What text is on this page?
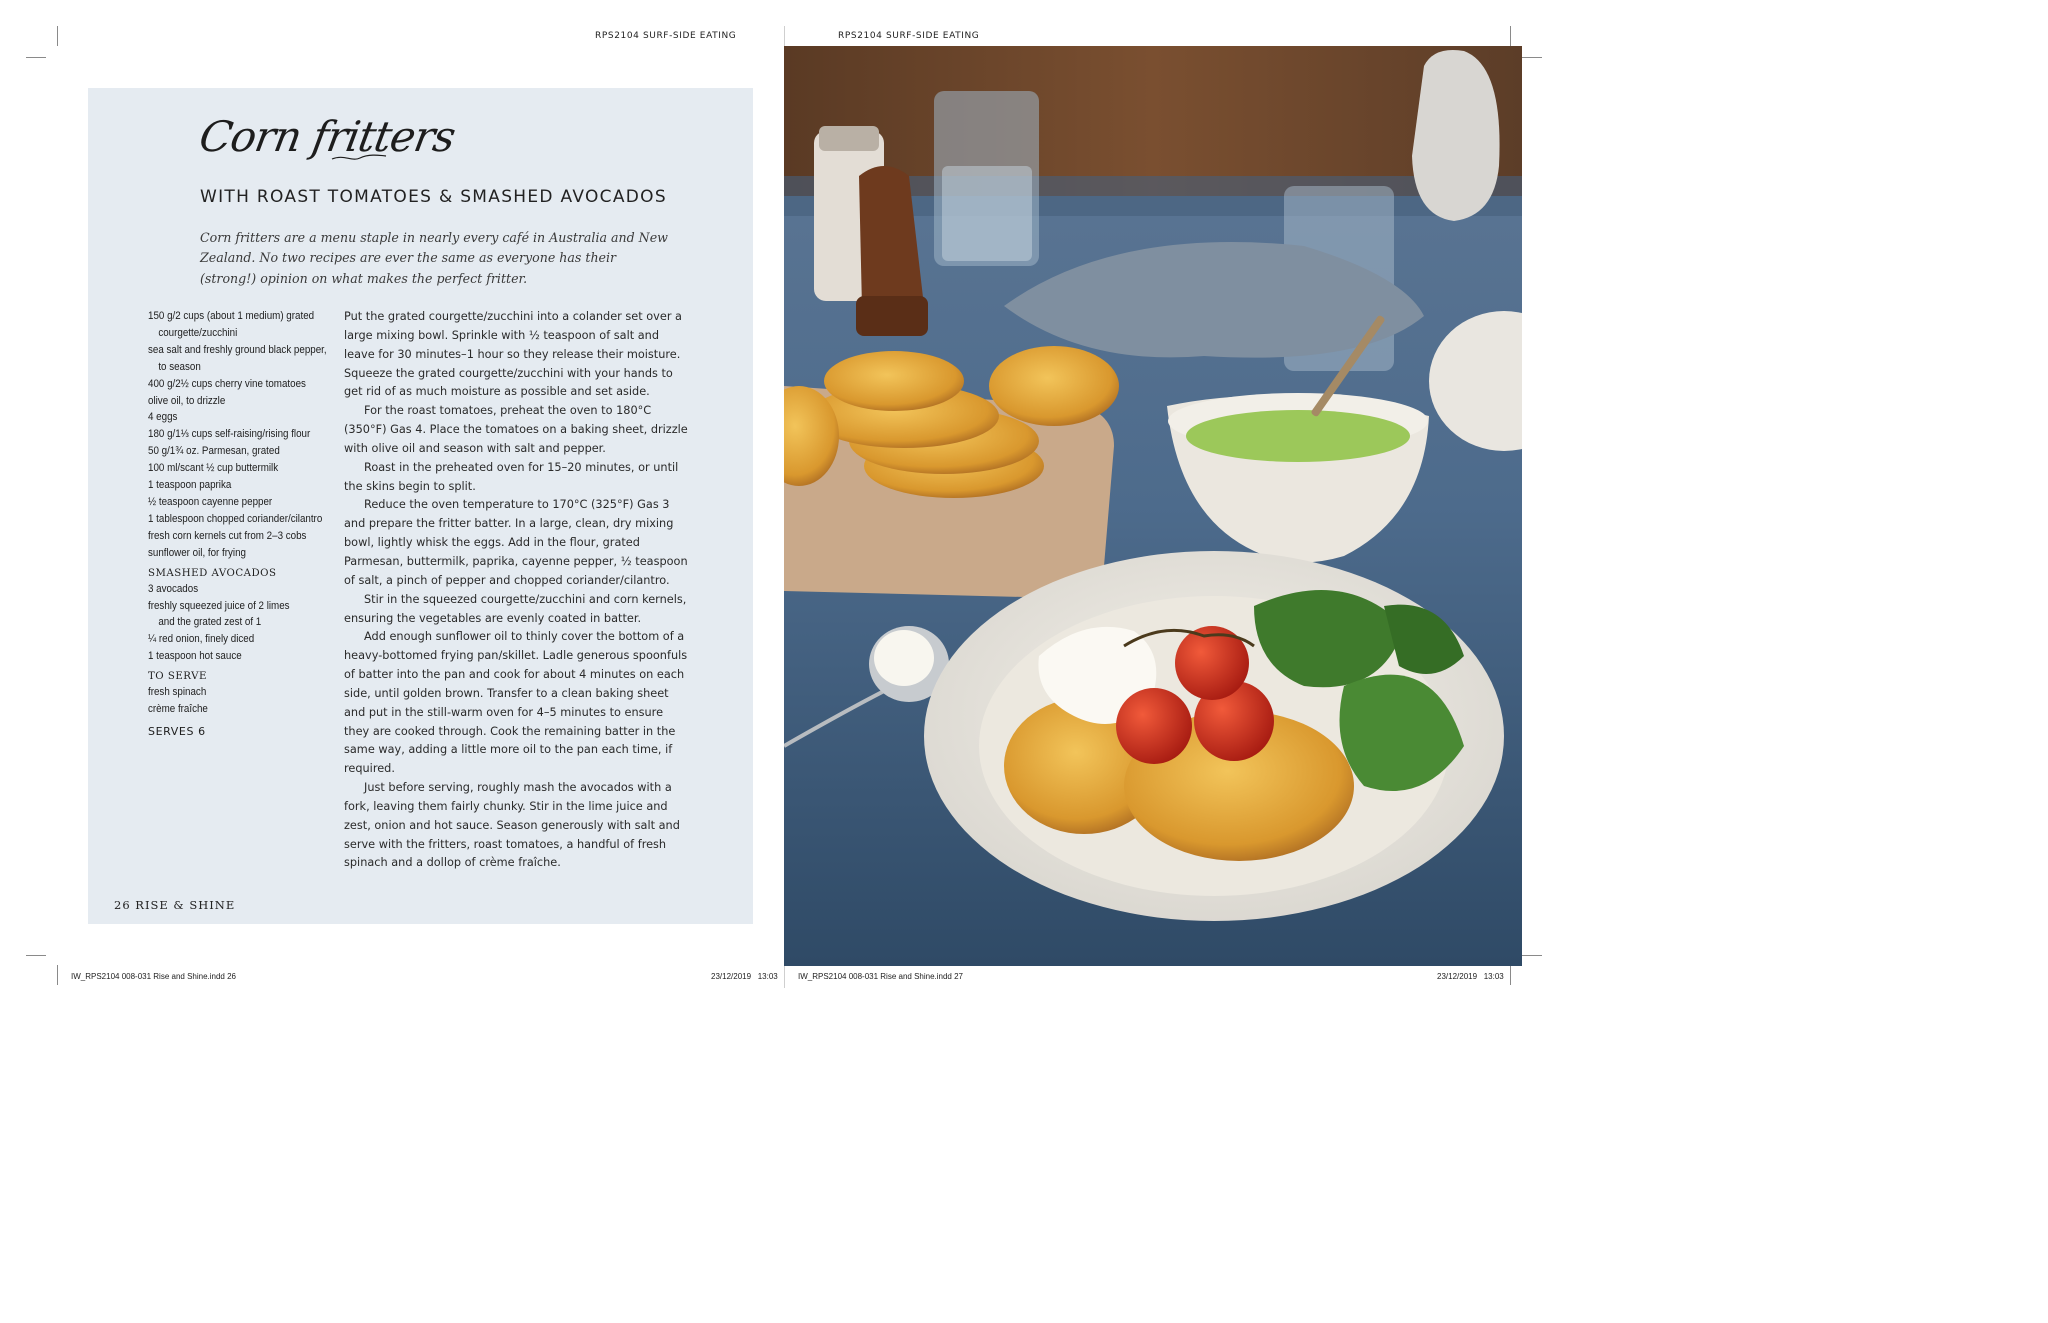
RPS2104 SURF-SIDE EATING	RPS2104 SURF-SIDE EATING
IW_RPS2104 008-031 Rise and Shine.indd 26	23/12/2019   13:03	IW_RPS2104 008-031 Rise and Shine.indd 27	23/12/2019   13:03
Corn fritters
WITH ROAST TOMATOES & SMASHED AVOCADOS
Corn fritters are a menu staple in nearly every café in Australia and New Zealand. No two recipes are ever the same as everyone has their (strong!) opinion on what makes the perfect fritter.
150 g/2 cups (about 1 medium) grated
courgette/zucchini
sea salt and freshly ground black pepper,
to season
400 g/2½ cups cherry vine tomatoes
olive oil, to drizzle
4 eggs
180 g/1⅓ cups self-raising/rising flour
50 g/1¾ oz. Parmesan, grated
100 ml/scant ½ cup buttermilk
1 teaspoon paprika
½ teaspoon cayenne pepper
1 tablespoon chopped coriander/cilantro
fresh corn kernels cut from 2–3 cobs
sunflower oil, for frying
SMASHED AVOCADOS
3 avocados
freshly squeezed juice of 2 limes
and the grated zest of 1
¼ red onion, finely diced
1 teaspoon hot sauce
TO SERVE
fresh spinach
crème fraîche
SERVES 6

Put the grated courgette/zucchini into a colander set over a large mixing bowl. Sprinkle with ½ teaspoon of salt and leave for 30 minutes–1 hour so they release their moisture. Squeeze the grated courgette/zucchini with your hands to get rid of as much moisture as possible and set aside.

For the roast tomatoes, preheat the oven to 180°C (350°F) Gas 4. Place the tomatoes on a baking sheet, drizzle with olive oil and season with salt and pepper.

Roast in the preheated oven for 15–20 minutes, or until the skins begin to split.

Reduce the oven temperature to 170°C (325°F) Gas 3 and prepare the fritter batter. In a large, clean, dry mixing bowl, lightly whisk the eggs. Add in the flour, grated Parmesan, buttermilk, paprika, cayenne pepper, ½ teaspoon of salt, a pinch of pepper and chopped coriander/cilantro.

Stir in the squeezed courgette/zucchini and corn kernels, ensuring the vegetables are evenly coated in batter.

Add enough sunflower oil to thinly cover the bottom of a heavy-bottomed frying pan/skillet. Ladle generous spoonfuls of batter into the pan and cook for about 4 minutes on each side, until golden brown. Transfer to a clean baking sheet and put in the still-warm oven for 4–5 minutes to ensure they are cooked through. Cook the remaining batter in the same way, adding a little more oil to the pan each time, if required.

Just before serving, roughly mash the avocados with a fork, leaving them fairly chunky. Stir in the lime juice and zest, onion and hot sauce. Season generously with salt and serve with the fritters, roast tomatoes, a handful of fresh spinach and a dollop of crème fraîche.

26 RISE & SHINE
